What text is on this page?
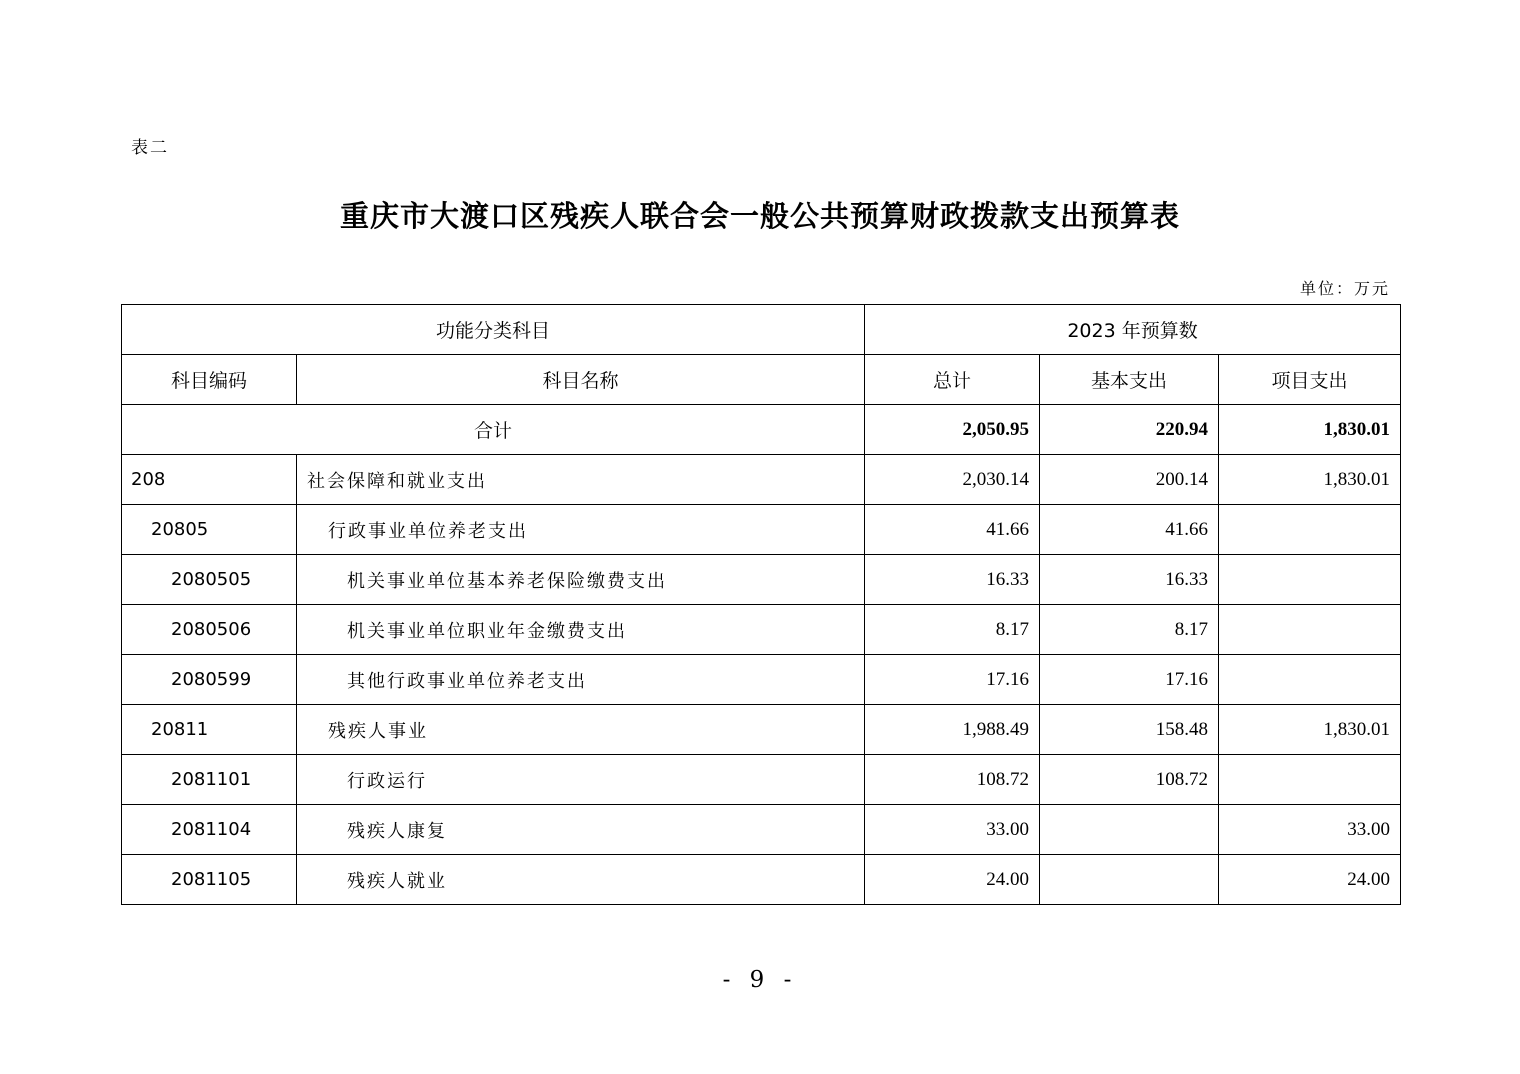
表二
重庆市大渡口区残疾人联合会一般公共预算财政拨款支出预算表
单位：万元
功能分类科目		2023 年预算数		
科目编码	科目名称	总计	基本支出	项目支出
合计		2,050.95	220.94	1,830.01
208	社会保障和就业支出	2,030.14	200.14	1,830.01
20805	行政事业单位养老支出	41.66	41.66	
2080505	机关事业单位基本养老保险缴费支出	16.33	16.33	
2080506	机关事业单位职业年金缴费支出	8.17	8.17	
2080599	其他行政事业单位养老支出	17.16	17.16	
20811	残疾人事业	1,988.49	158.48	1,830.01
2081101	行政运行	108.72	108.72	
2081104	残疾人康复	33.00		33.00
2081105	残疾人就业	24.00		24.00
- 9 -
